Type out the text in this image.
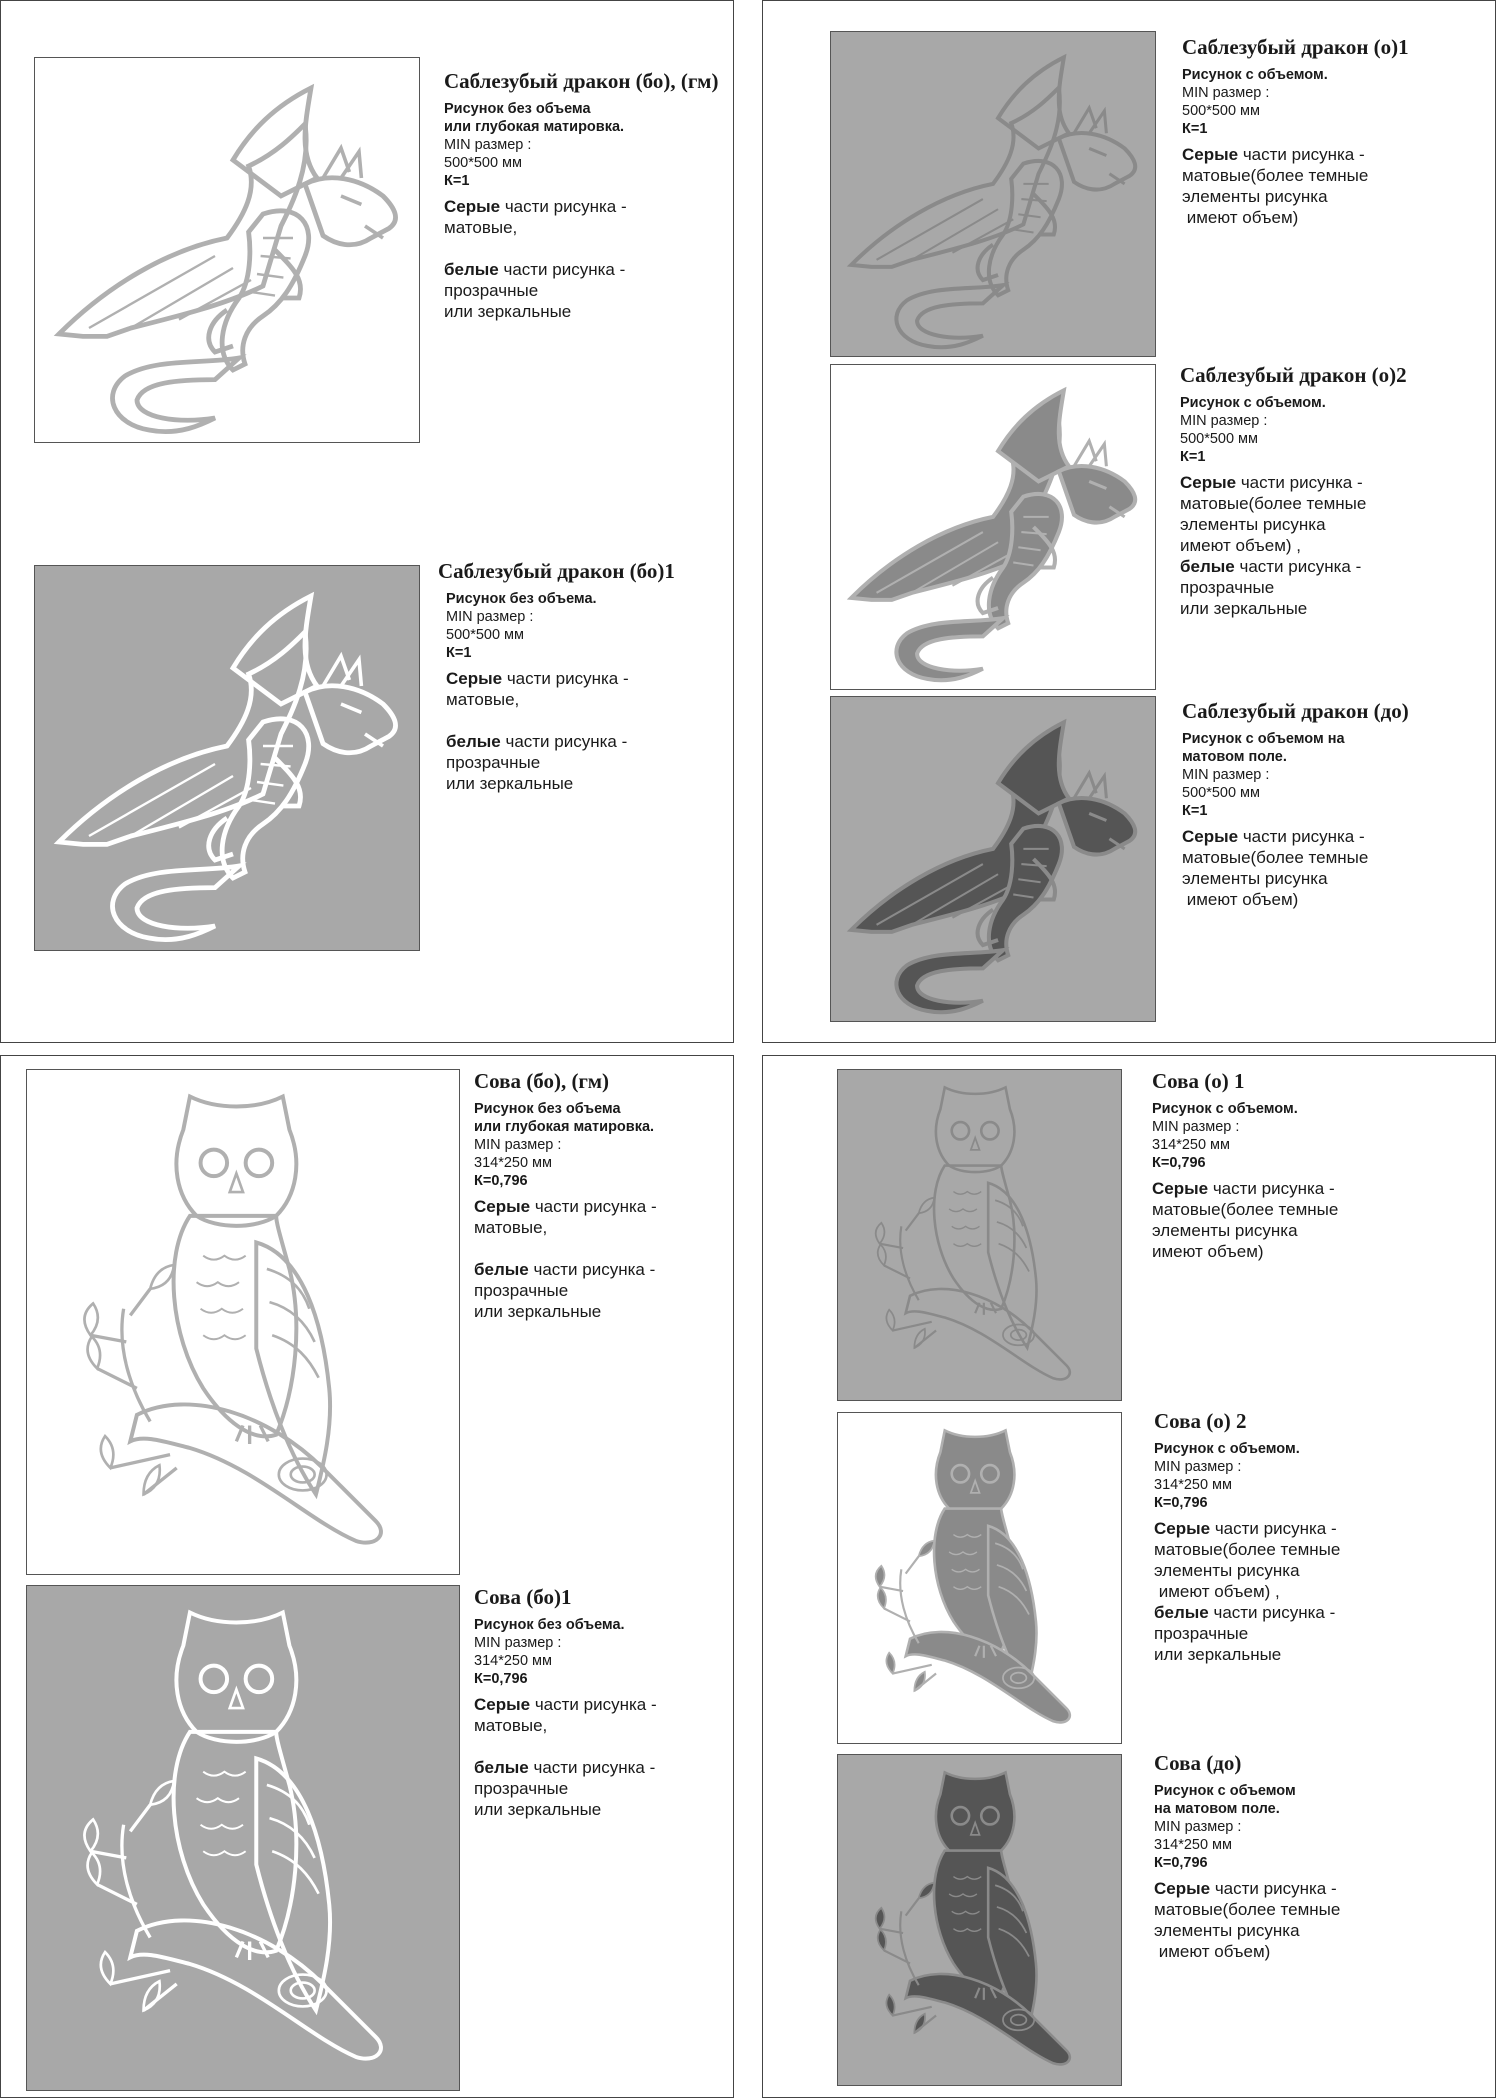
Саблезубый дракон (бо), (гм)
Рисунок без объема
или глубокая матировка.
MIN размер :
500*500 мм
К=1
Серые части рисунка -
матовые,
белые части рисунка -
прозрачные
или зеркальные
Саблезубый дракон (бо)1
Рисунок без объема.
MIN размер :
500*500 мм
К=1
Серые части рисунка -
матовые,
белые части рисунка -
прозрачные
или зеркальные
Саблезубый дракон (о)1
Рисунок с объемом.
MIN размер :
500*500 мм
К=1
Серые части рисунка -
матовые(более темные
элементы рисунка
имеют объем)
Саблезубый дракон (о)2
Рисунок с объемом.
MIN размер :
500*500 мм
К=1
Серые части рисунка -
матовые(более темные
элементы рисунка
имеют объем) ,
белые части рисунка -
прозрачные
или зеркальные
Саблезубый дракон (до)
Рисунок с объемом на
матовом поле.
MIN размер :
500*500 мм
К=1
Серые части рисунка -
матовые(более темные
элементы рисунка
имеют объем)
Сова (бо), (гм)
Рисунок без объема
или глубокая матировка.
MIN размер :
314*250 мм
К=0,796
Серые части рисунка -
матовые,
белые части рисунка -
прозрачные
или зеркальные
Сова (бо)1
Рисунок без объема.
MIN размер :
314*250 мм
К=0,796
Серые части рисунка -
матовые,
белые части рисунка -
прозрачные
или зеркальные
Сова (о) 1
Рисунок с объемом.
MIN размер :
314*250 мм
К=0,796
Серые части рисунка -
матовые(более темные
элементы рисунка
имеют объем)
Сова (о) 2
Рисунок с объемом.
MIN размер :
314*250 мм
К=0,796
Серые части рисунка -
матовые(более темные
элементы рисунка
имеют объем) ,
белые части рисунка -
прозрачные
или зеркальные
Сова (до)
Рисунок с объемом
на матовом поле.
MIN размер :
314*250 мм
К=0,796
Серые части рисунка -
матовые(более темные
элементы рисунка
имеют объем)
